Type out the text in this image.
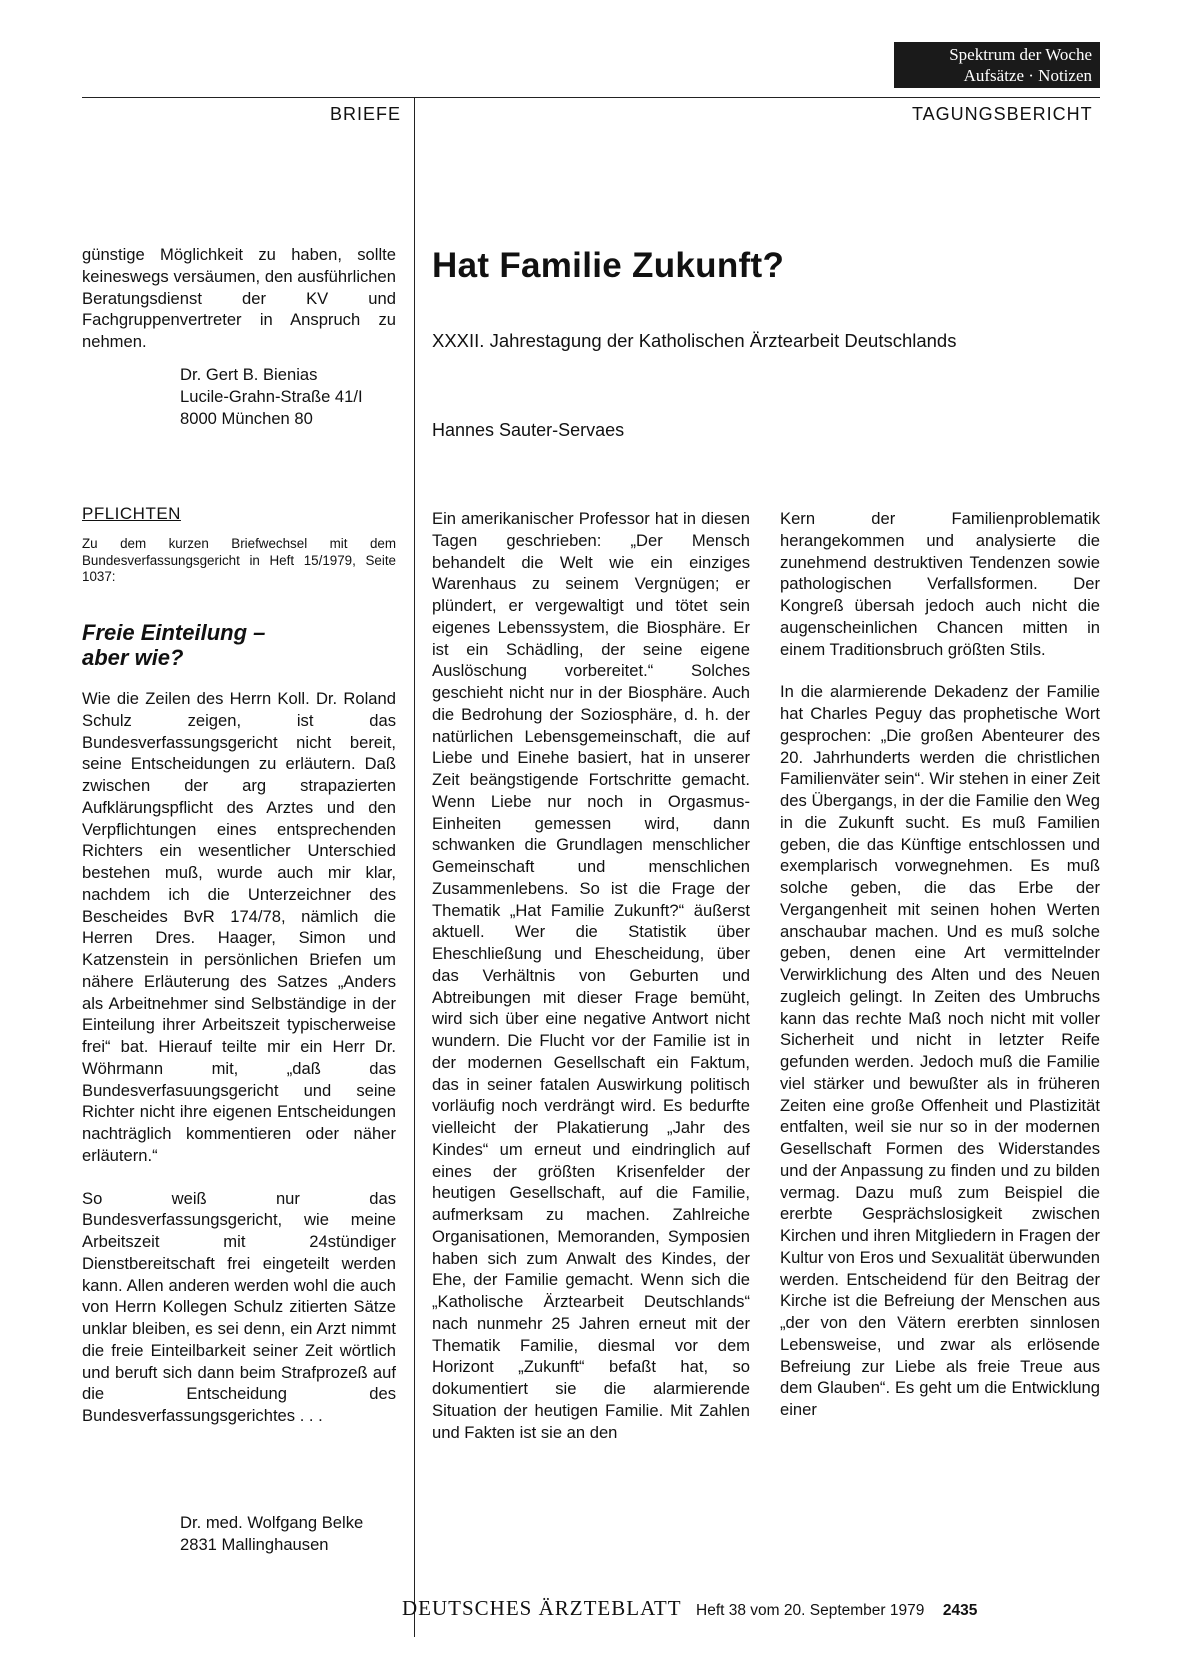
Spektrum der Woche
Aufsätze · Notizen
BRIEFE
günstige Möglichkeit zu haben, sollte keineswegs versäumen, den ausführlichen Beratungsdienst der KV und Fachgruppenvertreter in Anspruch zu nehmen.
Dr. Gert B. Bienias
Lucile-Grahn-Straße 41/I
8000 München 80
PFLICHTEN
Zu dem kurzen Briefwechsel mit dem Bundesverfassungsgericht in Heft 15/1979, Seite 1037:
Freie Einteilung –
aber wie?

Wie die Zeilen des Herrn Koll. Dr. Roland Schulz zeigen, ist das Bundesverfassungsgericht nicht bereit, seine Entscheidungen zu erläutern. Daß zwischen der arg strapazierten Aufklärungspflicht des Arztes und den Verpflichtungen eines entsprechenden Richters ein wesentlicher Unterschied bestehen muß, wurde auch mir klar, nachdem ich die Unterzeichner des Bescheides BvR 174/78, nämlich die Herren Dres. Haager, Simon und Katzenstein in persönlichen Briefen um nähere Erläuterung des Satzes „Anders als Arbeitnehmer sind Selbständige in der Einteilung ihrer Arbeitszeit typischerweise frei“ bat. Hierauf teilte mir ein Herr Dr. Wöhrmann mit, „daß das Bundesverfasuungsgericht und seine Richter nicht ihre eigenen Entscheidungen nachträglich kommentieren oder näher erläutern.“

So weiß nur das Bundesverfassungsgericht, wie meine Arbeitszeit mit 24stündiger Dienstbereitschaft frei eingeteilt werden kann. Allen anderen werden wohl die auch von Herrn Kollegen Schulz zitierten Sätze unklar bleiben, es sei denn, ein Arzt nimmt die freie Einteilbarkeit seiner Zeit wörtlich und beruft sich dann beim Strafprozeß auf die Entscheidung des Bundesverfassungsgerichtes . . .

Dr. med. Wolfgang Belke
2831 Mallinghausen
TAGUNGSBERICHT
Hat Familie Zukunft?
XXXII. Jahrestagung der Katholischen Ärztearbeit Deutschlands
Hannes Sauter-Servaes

Ein amerikanischer Professor hat in diesen Tagen geschrieben: „Der Mensch behandelt die Welt wie ein einziges Warenhaus zu seinem Vergnügen; er plündert, er vergewaltigt und tötet sein eigenes Lebenssystem, die Biosphäre. Er ist ein Schädling, der seine eigene Auslöschung vorbereitet.“ Solches geschieht nicht nur in der Biosphäre. Auch die Bedrohung der Soziosphäre, d. h. der natürlichen Lebensgemeinschaft, die auf Liebe und Einehe basiert, hat in unserer Zeit beängstigende Fortschritte gemacht. Wenn Liebe nur noch in Orgasmus-Einheiten gemessen wird, dann schwanken die Grundlagen menschlicher Gemeinschaft und menschlichen Zusammenlebens. So ist die Frage der Thematik „Hat Familie Zukunft?“ äußerst aktuell. Wer die Statistik über Eheschließung und Ehescheidung, über das Verhältnis von Geburten und Abtreibungen mit dieser Frage bemüht, wird sich über eine negative Antwort nicht wundern. Die Flucht vor der Familie ist in der modernen Gesellschaft ein Faktum, das in seiner fatalen Auswirkung politisch vorläufig noch verdrängt wird. Es bedurfte vielleicht der Plakatierung „Jahr des Kindes“ um erneut und eindringlich auf eines der größten Krisenfelder der heutigen Gesellschaft, auf die Familie, aufmerksam zu machen. Zahlreiche Organisationen, Memoranden, Symposien haben sich zum Anwalt des Kindes, der Ehe, der Familie gemacht. Wenn sich die „Katholische Ärztearbeit Deutschlands“ nach nunmehr 25 Jahren erneut mit der Thematik Familie, diesmal vor dem Horizont „Zukunft“ befaßt hat, so dokumentiert sie die alarmierende Situation der heutigen Familie. Mit Zahlen und Fakten ist sie an den

Kern der Familienproblematik herangekommen und analysierte die zunehmend destruktiven Tendenzen sowie pathologischen Verfallsformen. Der Kongreß übersah jedoch auch nicht die augenscheinlichen Chancen mitten in einem Traditionsbruch größten Stils.

In die alarmierende Dekadenz der Familie hat Charles Peguy das prophetische Wort gesprochen: „Die großen Abenteurer des 20. Jahrhunderts werden die christlichen Familienväter sein“. Wir stehen in einer Zeit des Übergangs, in der die Familie den Weg in die Zukunft sucht. Es muß Familien geben, die das Künftige entschlossen und exemplarisch vorwegnehmen. Es muß solche geben, die das Erbe der Vergangenheit mit seinen hohen Werten anschaubar machen. Und es muß solche geben, denen eine Art vermittelnder Verwirklichung des Alten und des Neuen zugleich gelingt. In Zeiten des Umbruchs kann das rechte Maß noch nicht mit voller Sicherheit und nicht in letzter Reife gefunden werden. Jedoch muß die Familie viel stärker und bewußter als in früheren Zeiten eine große Offenheit und Plastizität entfalten, weil sie nur so in der modernen Gesellschaft Formen des Widerstandes und der Anpassung zu finden und zu bilden vermag. Dazu muß zum Beispiel die ererbte Gesprächslosigkeit zwischen Kirchen und ihren Mitgliedern in Fragen der Kultur von Eros und Sexualität überwunden werden. Entscheidend für den Beitrag der Kirche ist die Befreiung der Menschen aus „der von den Vätern ererbten sinnlosen Lebensweise, und zwar als erlösende Befreiung zur Liebe als freie Treue aus dem Glauben“. Es geht um die Entwicklung einer

DEUTSCHES ÄRZTEBLATT Heft 38 vom 20. September 1979 2435
